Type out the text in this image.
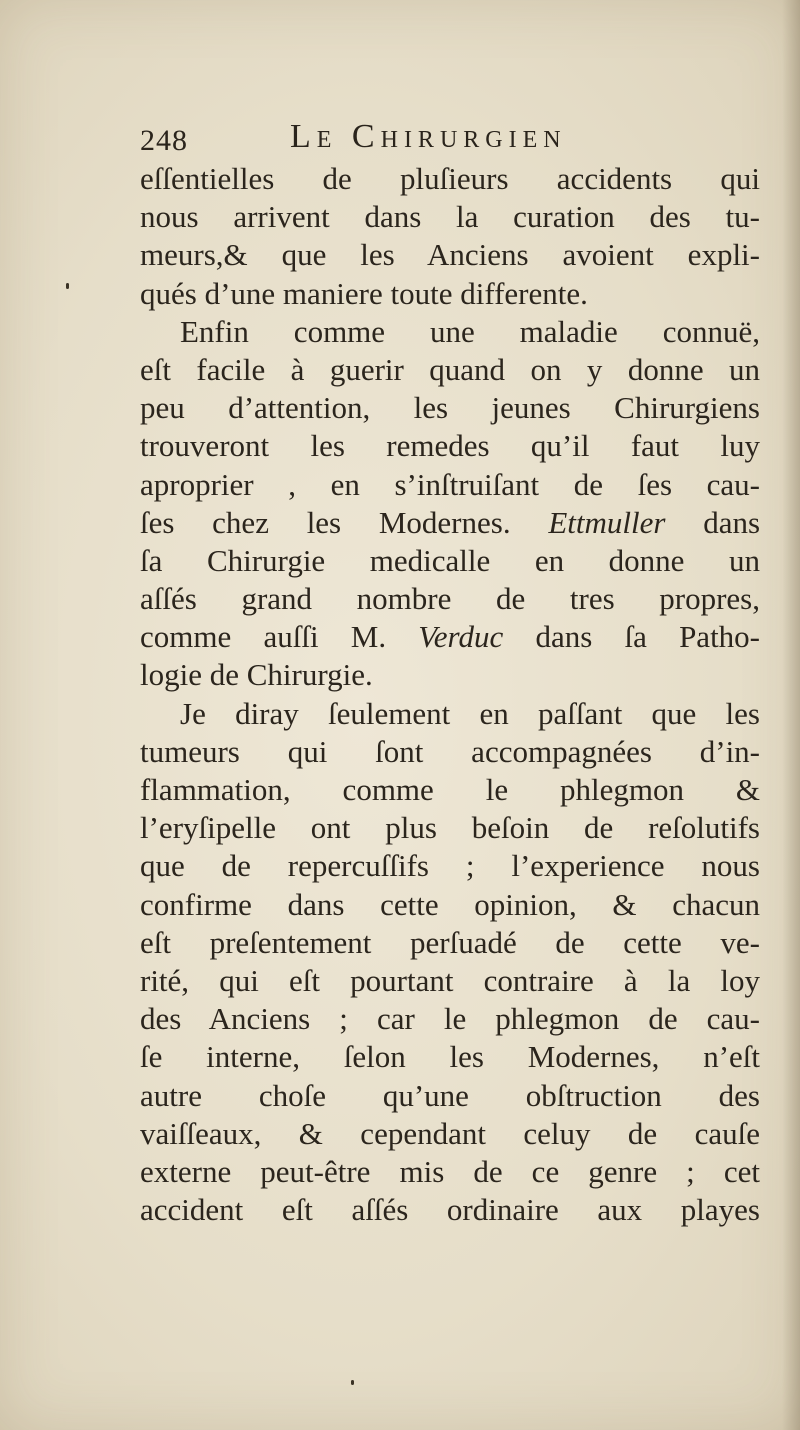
248	Le Chirurgien
eſſentielles de pluſieurs accidents qui
nous arrivent dans la curation des tu-
meurs,& que les Anciens avoient expli-
qués d’une maniere toute differente.
Enfin comme une maladie connuë,
eſt facile à guerir quand on y donne un
peu d’attention, les jeunes Chirurgiens
trouveront les remedes qu’il faut luy
aproprier , en s’inſtruiſant de ſes cau-
ſes chez les Modernes. Ettmuller dans
ſa Chirurgie medicalle en donne un
aſſés grand nombre de tres propres,
comme auſſi M. Verduc dans ſa Patho-
logie de Chirurgie.
Je diray ſeulement en paſſant que les
tumeurs qui ſont accompagnées d’in-
flammation, comme le phlegmon &
l’eryſipelle ont plus beſoin de reſolutifs
que de repercuſſifs ; l’experience nous
confirme dans cette opinion, & chacun
eſt preſentement perſuadé de cette ve-
rité, qui eſt pourtant contraire à la loy
des Anciens ; car le phlegmon de cau-
ſe interne, ſelon les Modernes, n’eſt
autre choſe qu’une obſtruction des
vaiſſeaux, & cependant celuy de cauſe
externe peut-être mis de ce genre ; cet
accident eſt aſſés ordinaire aux playes
